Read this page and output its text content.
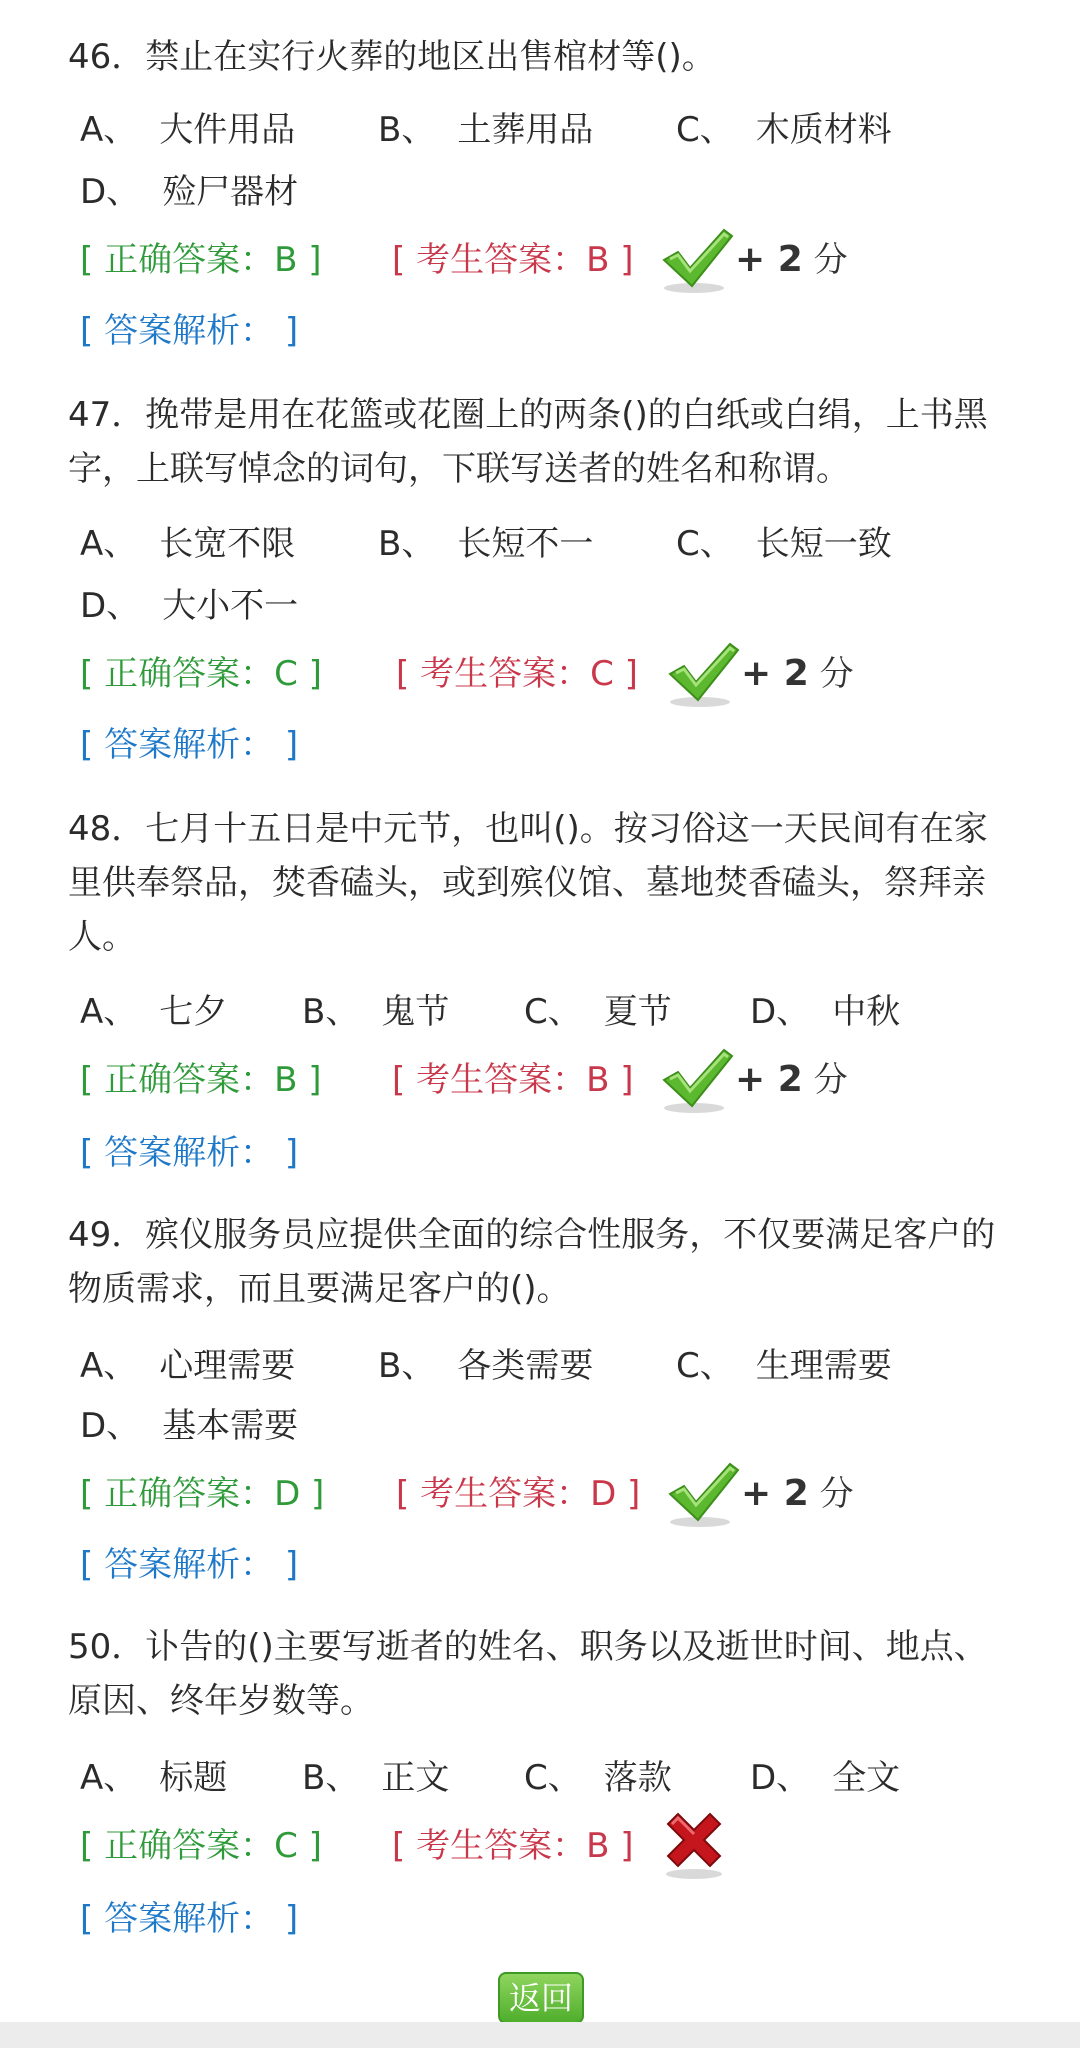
46．禁止在实行火葬的地区出售棺材等()。
A、 大件用品 B、 土葬用品 C、 木质材料
D、 殓尸器材
[ 正确答案：B ] [ 考生答案：B ]	+ 2 分
[ 答案解析： ]
47．挽带是用在花篮或花圈上的两条()的白纸或白绢，上书黑字，上联写悼念的词句，下联写送者的姓名和称谓。
A、 长宽不限 B、 长短不一 C、 长短一致
D、 大小不一
[ 正确答案：C ] [ 考生答案：C ]	+ 2 分
[ 答案解析： ]
48．七月十五日是中元节，也叫()。按习俗这一天民间有在家里供奉祭品，焚香磕头，或到殡仪馆、墓地焚香磕头，祭拜亲人。
A、 七夕 B、 鬼节 C、 夏节 D、 中秋
[ 正确答案：B ] [ 考生答案：B ]	+ 2 分
[ 答案解析： ]
49．殡仪服务员应提供全面的综合性服务，不仅要满足客户的物质需求，而且要满足客户的()。
A、 心理需要 B、 各类需要 C、 生理需要
D、 基本需要
[ 正确答案：D ] [ 考生答案：D ]	+ 2 分
[ 答案解析： ]
50．讣告的()主要写逝者的姓名、职务以及逝世时间、地点、原因、终年岁数等。
A、 标题 B、 正文 C、 落款 D、 全文
[ 正确答案：C ] [ 考生答案：B ]
[ 答案解析： ]
返回
